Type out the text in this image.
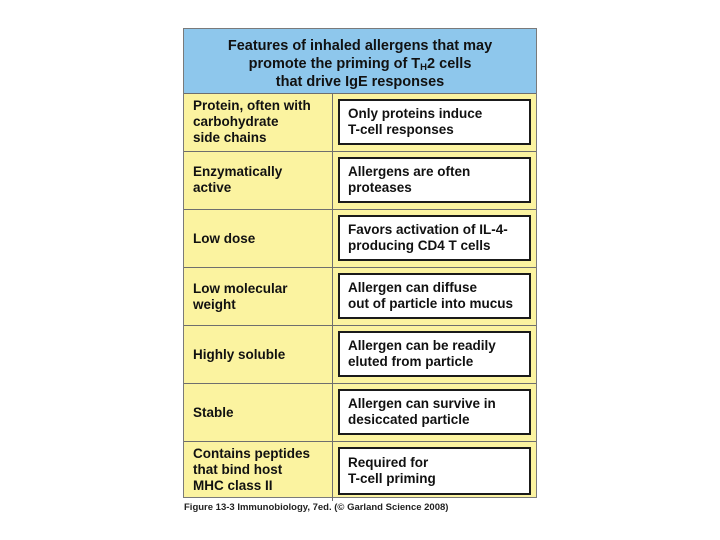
Features of inhaled allergens that may
promote the priming of $T_H2$ cells
that drive IgE responses
Protein, often with
carbohydrate
side chains
Only proteins induce
T-cell responses
Enzymatically
active
Allergens are often
proteases
Low dose
Favors activation of IL-4-
producing CD4 T cells
Low molecular
weight
Allergen can diffuse
out of particle into mucus
Highly soluble
Allergen can be readily
eluted from particle
Stable
Allergen can survive in
desiccated particle
Contains peptides
that bind host
MHC class II
Required for
T-cell priming
Figure 13-3 Immunobiology, 7ed. (© Garland Science 2008)
